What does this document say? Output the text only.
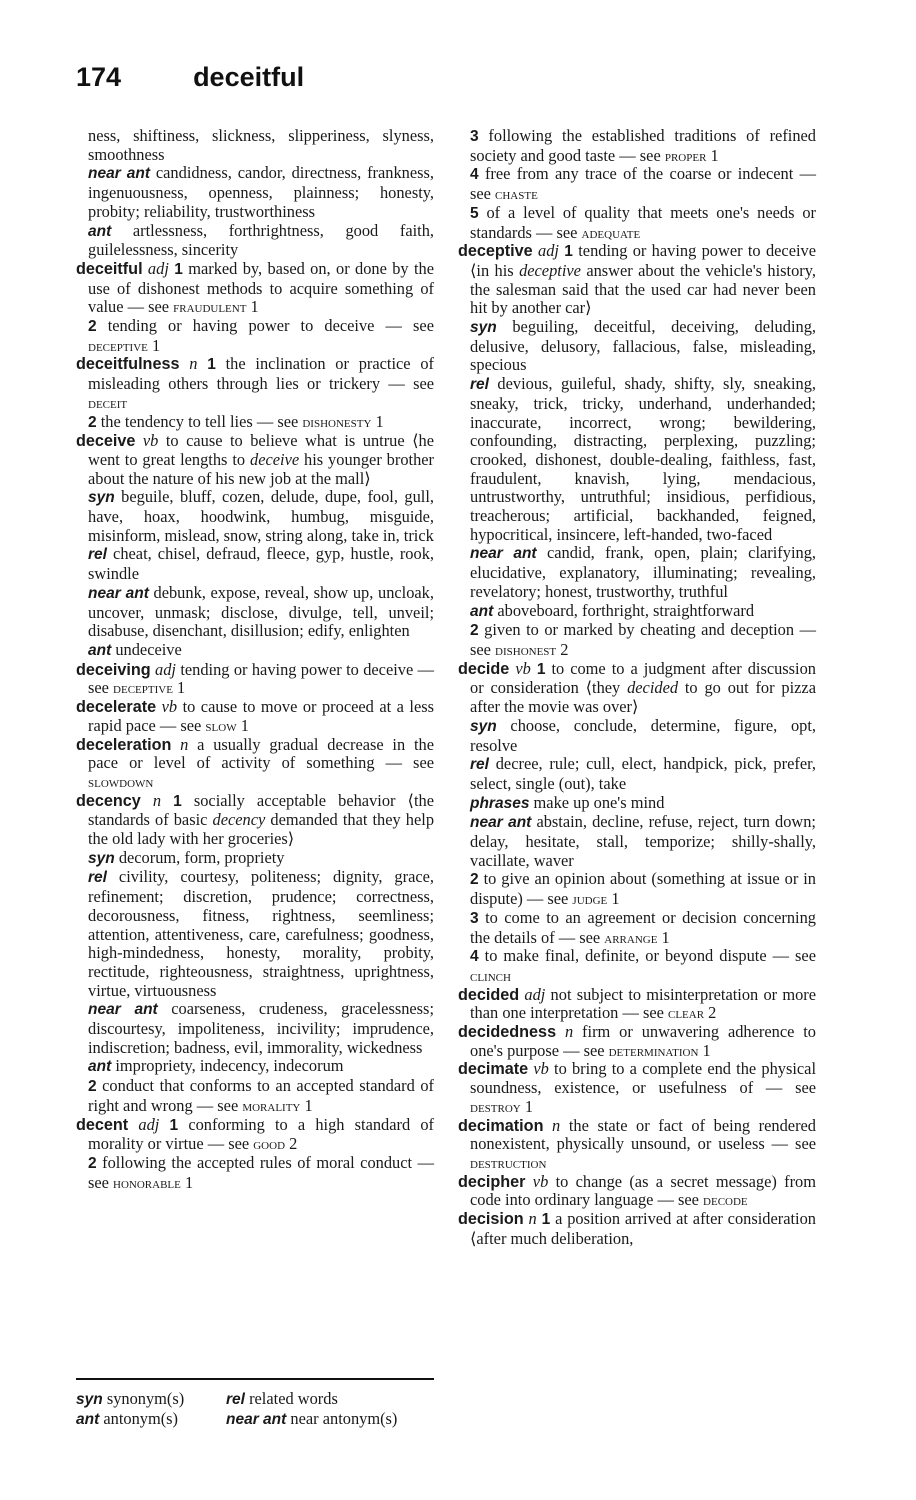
174	deceitful

ness, shiftiness, slickness, slipperiness, slyness, smoothness

near ant candidness, candor, directness, frankness, ingenuousness, openness, plainness; honesty, probity; reliability, trustworthiness

ant artlessness, forthrightness, good faith, guilelessness, sincerity

deceitful adj 1 marked by, based on, or done by the use of dishonest methods to acquire something of value — see fraudulent 1

2 tending or having power to deceive — see deceptive 1

deceitfulness n 1 the inclination or practice of misleading others through lies or trickery — see deceit

2 the tendency to tell lies — see dishonesty 1

deceive vb to cause to believe what is untrue ⟨he went to great lengths to deceive his younger brother about the nature of his new job at the mall⟩

syn beguile, bluff, cozen, delude, dupe, fool, gull, have, hoax, hoodwink, humbug, misguide, misinform, mislead, snow, string along, take in, trick

rel cheat, chisel, defraud, fleece, gyp, hustle, rook, swindle

near ant debunk, expose, reveal, show up, uncloak, uncover, unmask; disclose, divulge, tell, unveil; disabuse, disenchant, disillusion; edify, enlighten

ant undeceive

deceiving adj tending or having power to deceive — see deceptive 1

decelerate vb to cause to move or proceed at a less rapid pace — see slow 1

deceleration n a usually gradual decrease in the pace or level of activity of something — see slowdown

decency n 1 socially acceptable behavior ⟨the standards of basic decency demanded that they help the old lady with her groceries⟩

syn decorum, form, propriety

rel civility, courtesy, politeness; dignity, grace, refinement; discretion, prudence; correctness, decorousness, fitness, rightness, seemliness; attention, attentiveness, care, carefulness; goodness, high-mindedness, honesty, morality, probity, rectitude, righteousness, straightness, uprightness, virtue, virtuousness

near ant coarseness, crudeness, gracelessness; discourtesy, impoliteness, incivility; imprudence, indiscretion; badness, evil, immorality, wickedness

ant impropriety, indecency, indecorum

2 conduct that conforms to an accepted standard of right and wrong — see morality 1

decent adj 1 conforming to a high standard of morality or virtue — see good 2

2 following the accepted rules of moral conduct — see honorable 1

3 following the established traditions of refined society and good taste — see proper 1

4 free from any trace of the coarse or indecent — see chaste

5 of a level of quality that meets one's needs or standards — see adequate

deceptive adj 1 tending or having power to deceive ⟨in his deceptive answer about the vehicle's history, the salesman said that the used car had never been hit by another car⟩

syn beguiling, deceitful, deceiving, deluding, delusive, delusory, fallacious, false, misleading, specious

rel devious, guileful, shady, shifty, sly, sneaking, sneaky, trick, tricky, underhand, underhanded; inaccurate, incorrect, wrong; bewildering, confounding, distracting, perplexing, puzzling; crooked, dishonest, double-dealing, faithless, fast, fraudulent, knavish, lying, mendacious, untrustworthy, untruthful; insidious, perfidious, treacherous; artificial, backhanded, feigned, hypocritical, insincere, left-handed, two-faced

near ant candid, frank, open, plain; clarifying, elucidative, explanatory, illuminating; revealing, revelatory; honest, trustworthy, truthful

ant aboveboard, forthright, straightforward

2 given to or marked by cheating and deception — see dishonest 2

decide vb 1 to come to a judgment after discussion or consideration ⟨they decided to go out for pizza after the movie was over⟩

syn choose, conclude, determine, figure, opt, resolve

rel decree, rule; cull, elect, handpick, pick, prefer, select, single (out), take

phrases make up one's mind

near ant abstain, decline, refuse, reject, turn down; delay, hesitate, stall, temporize; shilly-shally, vacillate, waver

2 to give an opinion about (something at issue or in dispute) — see judge 1

3 to come to an agreement or decision concerning the details of — see arrange 1

4 to make final, definite, or beyond dispute — see clinch

decided adj not subject to misinterpretation or more than one interpretation — see clear 2

decidedness n firm or unwavering adherence to one's purpose — see determination 1

decimate vb to bring to a complete end the physical soundness, existence, or usefulness of — see destroy 1

decimation n the state or fact of being rendered nonexistent, physically unsound, or useless — see destruction

decipher vb to change (as a secret message) from code into ordinary language — see decode

decision n 1 a position arrived at after consideration ⟨after much deliberation,

syn synonym(s)	rel related words
ant antonym(s)	near ant near antonym(s)
